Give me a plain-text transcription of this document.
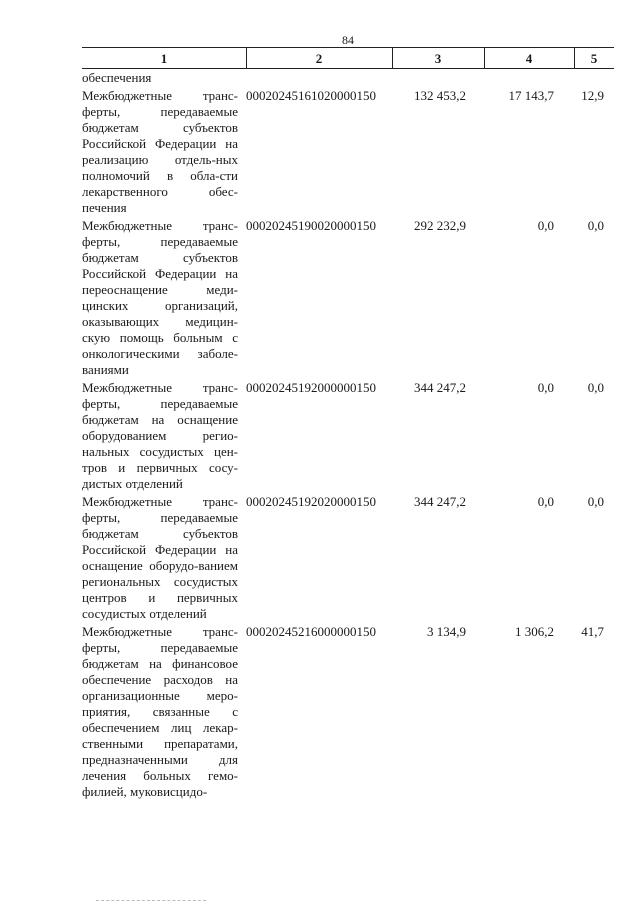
84
1	2	3	4	5

обеспечения

Межбюджетные транс-ферты, передаваемые бюджетам субъектов Российской Федерации на реализацию отдель-ных полномочий в обла-сти лекарственного обес-печения
00020245161020000150	132 453,2	17 143,7	12,9
Межбюджетные транс-ферты, передаваемые бюджетам субъектов Российской Федерации на переоснащение меди-цинских организаций, оказывающих медицин-скую помощь больным с онкологическими заболе-ваниями
00020245190020000150	292 232,9	0,0	0,0
Межбюджетные транс-ферты, передаваемые бюджетам на оснащение оборудованием регио-нальных сосудистых цен-тров и первичных сосу-дистых отделений
00020245192000000150	344 247,2	0,0	0,0
Межбюджетные транс-ферты, передаваемые бюджетам субъектов Российской Федерации на оснащение оборудо-ванием региональных сосудистых центров и первичных сосудистых отделений
00020245192020000150	344 247,2	0,0	0,0
Межбюджетные транс-ферты, передаваемые бюджетам на финансовое обеспечение расходов на организационные меро-приятия, связанные с обеспечением лиц лекар-ственными препаратами, предназначенными для лечения больных гемо-филией, муковисцидо-
00020245216000000150	3 134,9	1 306,2	41,7
